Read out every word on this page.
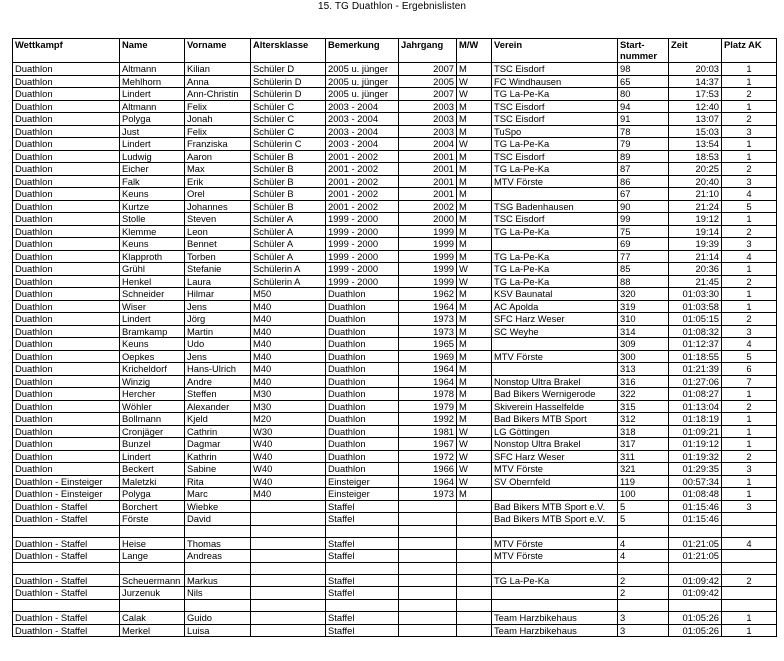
15. TG Duathlon - Ergebnislisten
Wettkampf	Name	Vorname	Altersklasse	Bemerkung	Jahrgang	M/W	Verein	Start-
nummer	Zeit	Platz AK
Duathlon	Altmann	Kilian	Schüler D	2005 u. jünger	2007	M	TSC Eisdorf	98	20:03	1
Duathlon	Mehlhorn	Anna	Schülerin D	2005 u. jünger	2005	W	FC Windhausen	65	14:37	1
Duathlon	Lindert	Ann-Christin	Schülerin D	2005 u. jünger	2007	W	TG La-Pe-Ka	80	17:53	2
Duathlon	Altmann	Felix	Schüler C	2003 - 2004	2003	M	TSC Eisdorf	94	12:40	1
Duathlon	Polyga	Jonah	Schüler C	2003 - 2004	2003	M	TSC Eisdorf	91	13:07	2
Duathlon	Just	Felix	Schüler C	2003 - 2004	2003	M	TuSpo	78	15:03	3
Duathlon	Lindert	Franziska	Schülerin C	2003 - 2004	2004	W	TG La-Pe-Ka	79	13:54	1
Duathlon	Ludwig	Aaron	Schüler B	2001 - 2002	2001	M	TSC Eisdorf	89	18:53	1
Duathlon	Eicher	Max	Schüler B	2001 - 2002	2001	M	TG La-Pe-Ka	87	20:25	2
Duathlon	Falk	Erik	Schüler B	2001 - 2002	2001	M	MTV Förste	86	20:40	3
Duathlon	Keuns	Orel	Schüler B	2001 - 2002	2001	M		67	21:10	4
Duathlon	Kurtze	Johannes	Schüler B	2001 - 2002	2002	M	TSG Badenhausen	90	21:24	5
Duathlon	Stolle	Steven	Schüler A	1999 - 2000	2000	M	TSC Eisdorf	99	19:12	1
Duathlon	Klemme	Leon	Schüler A	1999 - 2000	1999	M	TG La-Pe-Ka	75	19:14	2
Duathlon	Keuns	Bennet	Schüler A	1999 - 2000	1999	M		69	19:39	3
Duathlon	Klapproth	Torben	Schüler A	1999 - 2000	1999	M	TG La-Pe-Ka	77	21:14	4
Duathlon	Grühl	Stefanie	Schülerin A	1999 - 2000	1999	W	TG La-Pe-Ka	85	20:36	1
Duathlon	Henkel	Laura	Schülerin A	1999 - 2000	1999	W	TG La-Pe-Ka	88	21:45	2
Duathlon	Schneider	Hilmar	M50	Duathlon	1962	M	KSV Baunatal	320	01:03:30	1
Duathlon	Wiser	Jens	M40	Duathlon	1964	M	AC Apolda	319	01:03:58	1
Duathlon	Lindert	Jörg	M40	Duathlon	1973	M	SFC Harz Weser	310	01:05:15	2
Duathlon	Bramkamp	Martin	M40	Duathlon	1973	M	SC Weyhe	314	01:08:32	3
Duathlon	Keuns	Udo	M40	Duathlon	1965	M		309	01:12:37	4
Duathlon	Oepkes	Jens	M40	Duathlon	1969	M	MTV Förste	300	01:18:55	5
Duathlon	Kricheldorf	Hans-Ulrich	M40	Duathlon	1964	M		313	01:21:39	6
Duathlon	Winzig	Andre	M40	Duathlon	1964	M	Nonstop Ultra Brakel	316	01:27:06	7
Duathlon	Hercher	Steffen	M30	Duathlon	1978	M	Bad Bikers Wernigerode	322	01:08:27	1
Duathlon	Wöhler	Alexander	M30	Duathlon	1979	M	Skiverein Hasselfelde	315	01:13:04	2
Duathlon	Bollmann	Kjeld	M20	Duathlon	1992	M	Bad Bikers MTB Sport	312	01:18:19	1
Duathlon	Cronjäger	Cathrin	W30	Duathlon	1981	W	LG Göttingen	318	01:09:21	1
Duathlon	Bunzel	Dagmar	W40	Duathlon	1967	W	Nonstop Ultra Brakel	317	01:19:12	1
Duathlon	Lindert	Kathrin	W40	Duathlon	1972	W	SFC Harz Weser	311	01:19:32	2
Duathlon	Beckert	Sabine	W40	Duathlon	1966	W	MTV Förste	321	01:29:35	3
Duathlon - Einsteiger	Maletzki	Rita	W40	Einsteiger	1964	W	SV Obernfeld	119	00:57:34	1
Duathlon - Einsteiger	Polyga	Marc	M40	Einsteiger	1973	M		100	01:08:48	1
Duathlon - Staffel	Borchert	Wiebke		Staffel			Bad Bikers MTB Sport e.V.	5	01:15:46	3
Duathlon - Staffel	Förste	David		Staffel			Bad Bikers MTB Sport e.V.	5	01:15:46	

Duathlon - Staffel	Heise	Thomas		Staffel			MTV Förste	4	01:21:05	4
Duathlon - Staffel	Lange	Andreas		Staffel			MTV Förste	4	01:21:05	

Duathlon - Staffel	Scheuermann	Markus		Staffel			TG La-Pe-Ka	2	01:09:42	2
Duathlon - Staffel	Jurzenuk	Nils		Staffel				2	01:09:42	

Duathlon - Staffel	Calak	Guido		Staffel			Team Harzbikehaus	3	01:05:26	1
Duathlon - Staffel	Merkel	Luisa		Staffel			Team Harzbikehaus	3	01:05:26	1
